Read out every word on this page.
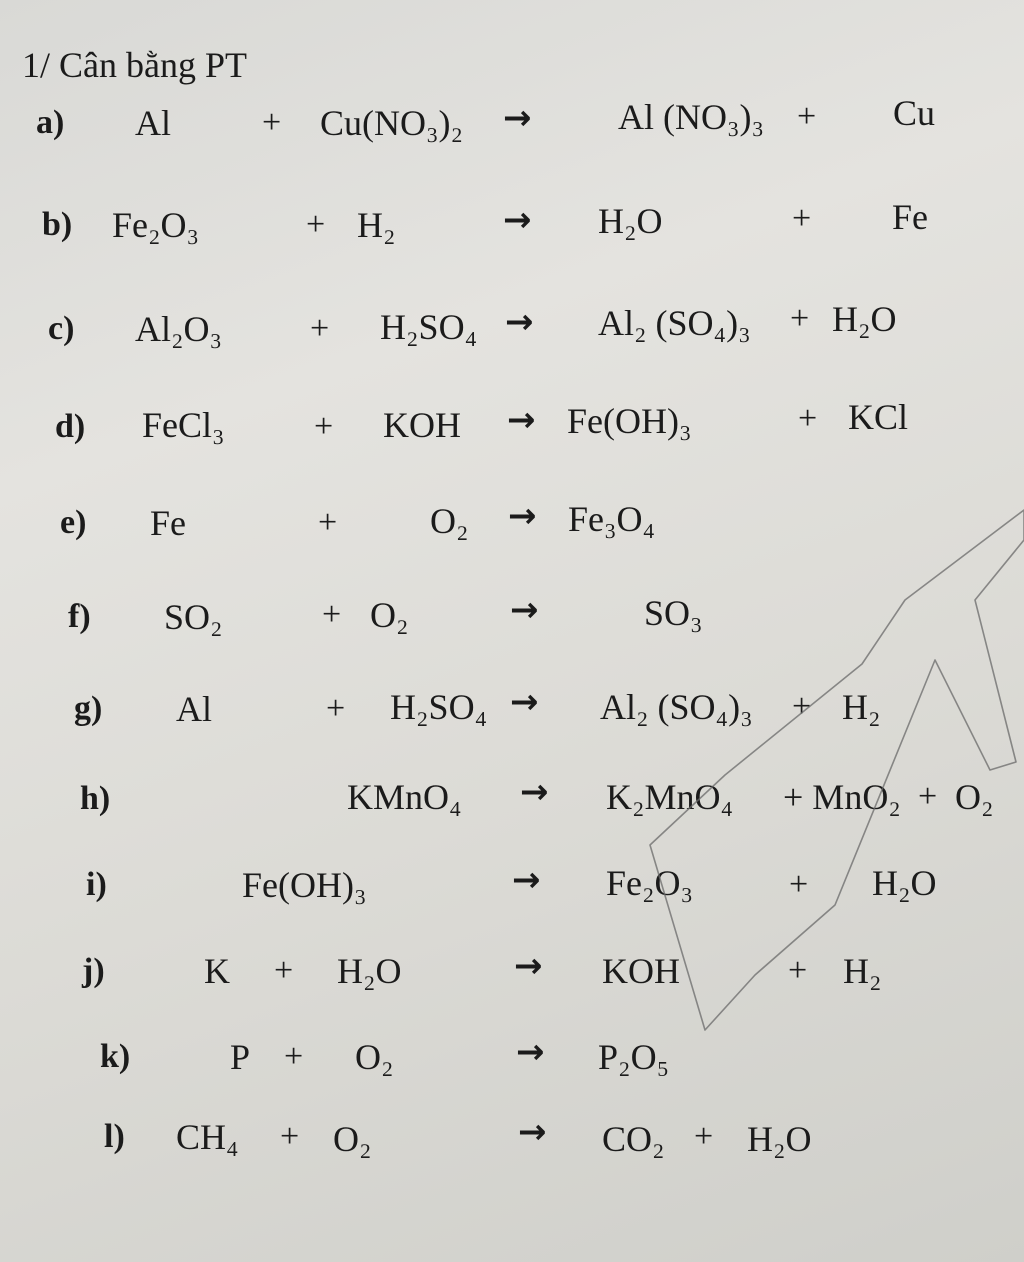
1/ Cân bằng PT
a) Al	+ Cu(NO₃)₂ → Al (NO₃)₃ + Cu
b) Fe₂O₃	+ H₂	→ H₂O	+ Fe
c) Al₂O₃	+ H₂SO₄ → Al₂ (SO₄)₃ + H₂O
d) FeCl₃	+ KOH → Fe(OH)₃	+ KCl
e) Fe	+	O₂ → Fe₃O₄
f) SO₂	+ O₂	→	SO₃
g) Al	+ H₂SO₄ → Al₂ (SO₄)₃ + H₂
h)	KMnO₄ → K₂MnO₄ + MnO₂ + O₂
i)	Fe(OH)₃	→ Fe₂O₃	+ H₂O
j)	K + H₂O	→ KOH	+ H₂
k)	P + O₂	→ P₂O₅
l) CH₄ + O₂	→ CO₂ + H₂O
